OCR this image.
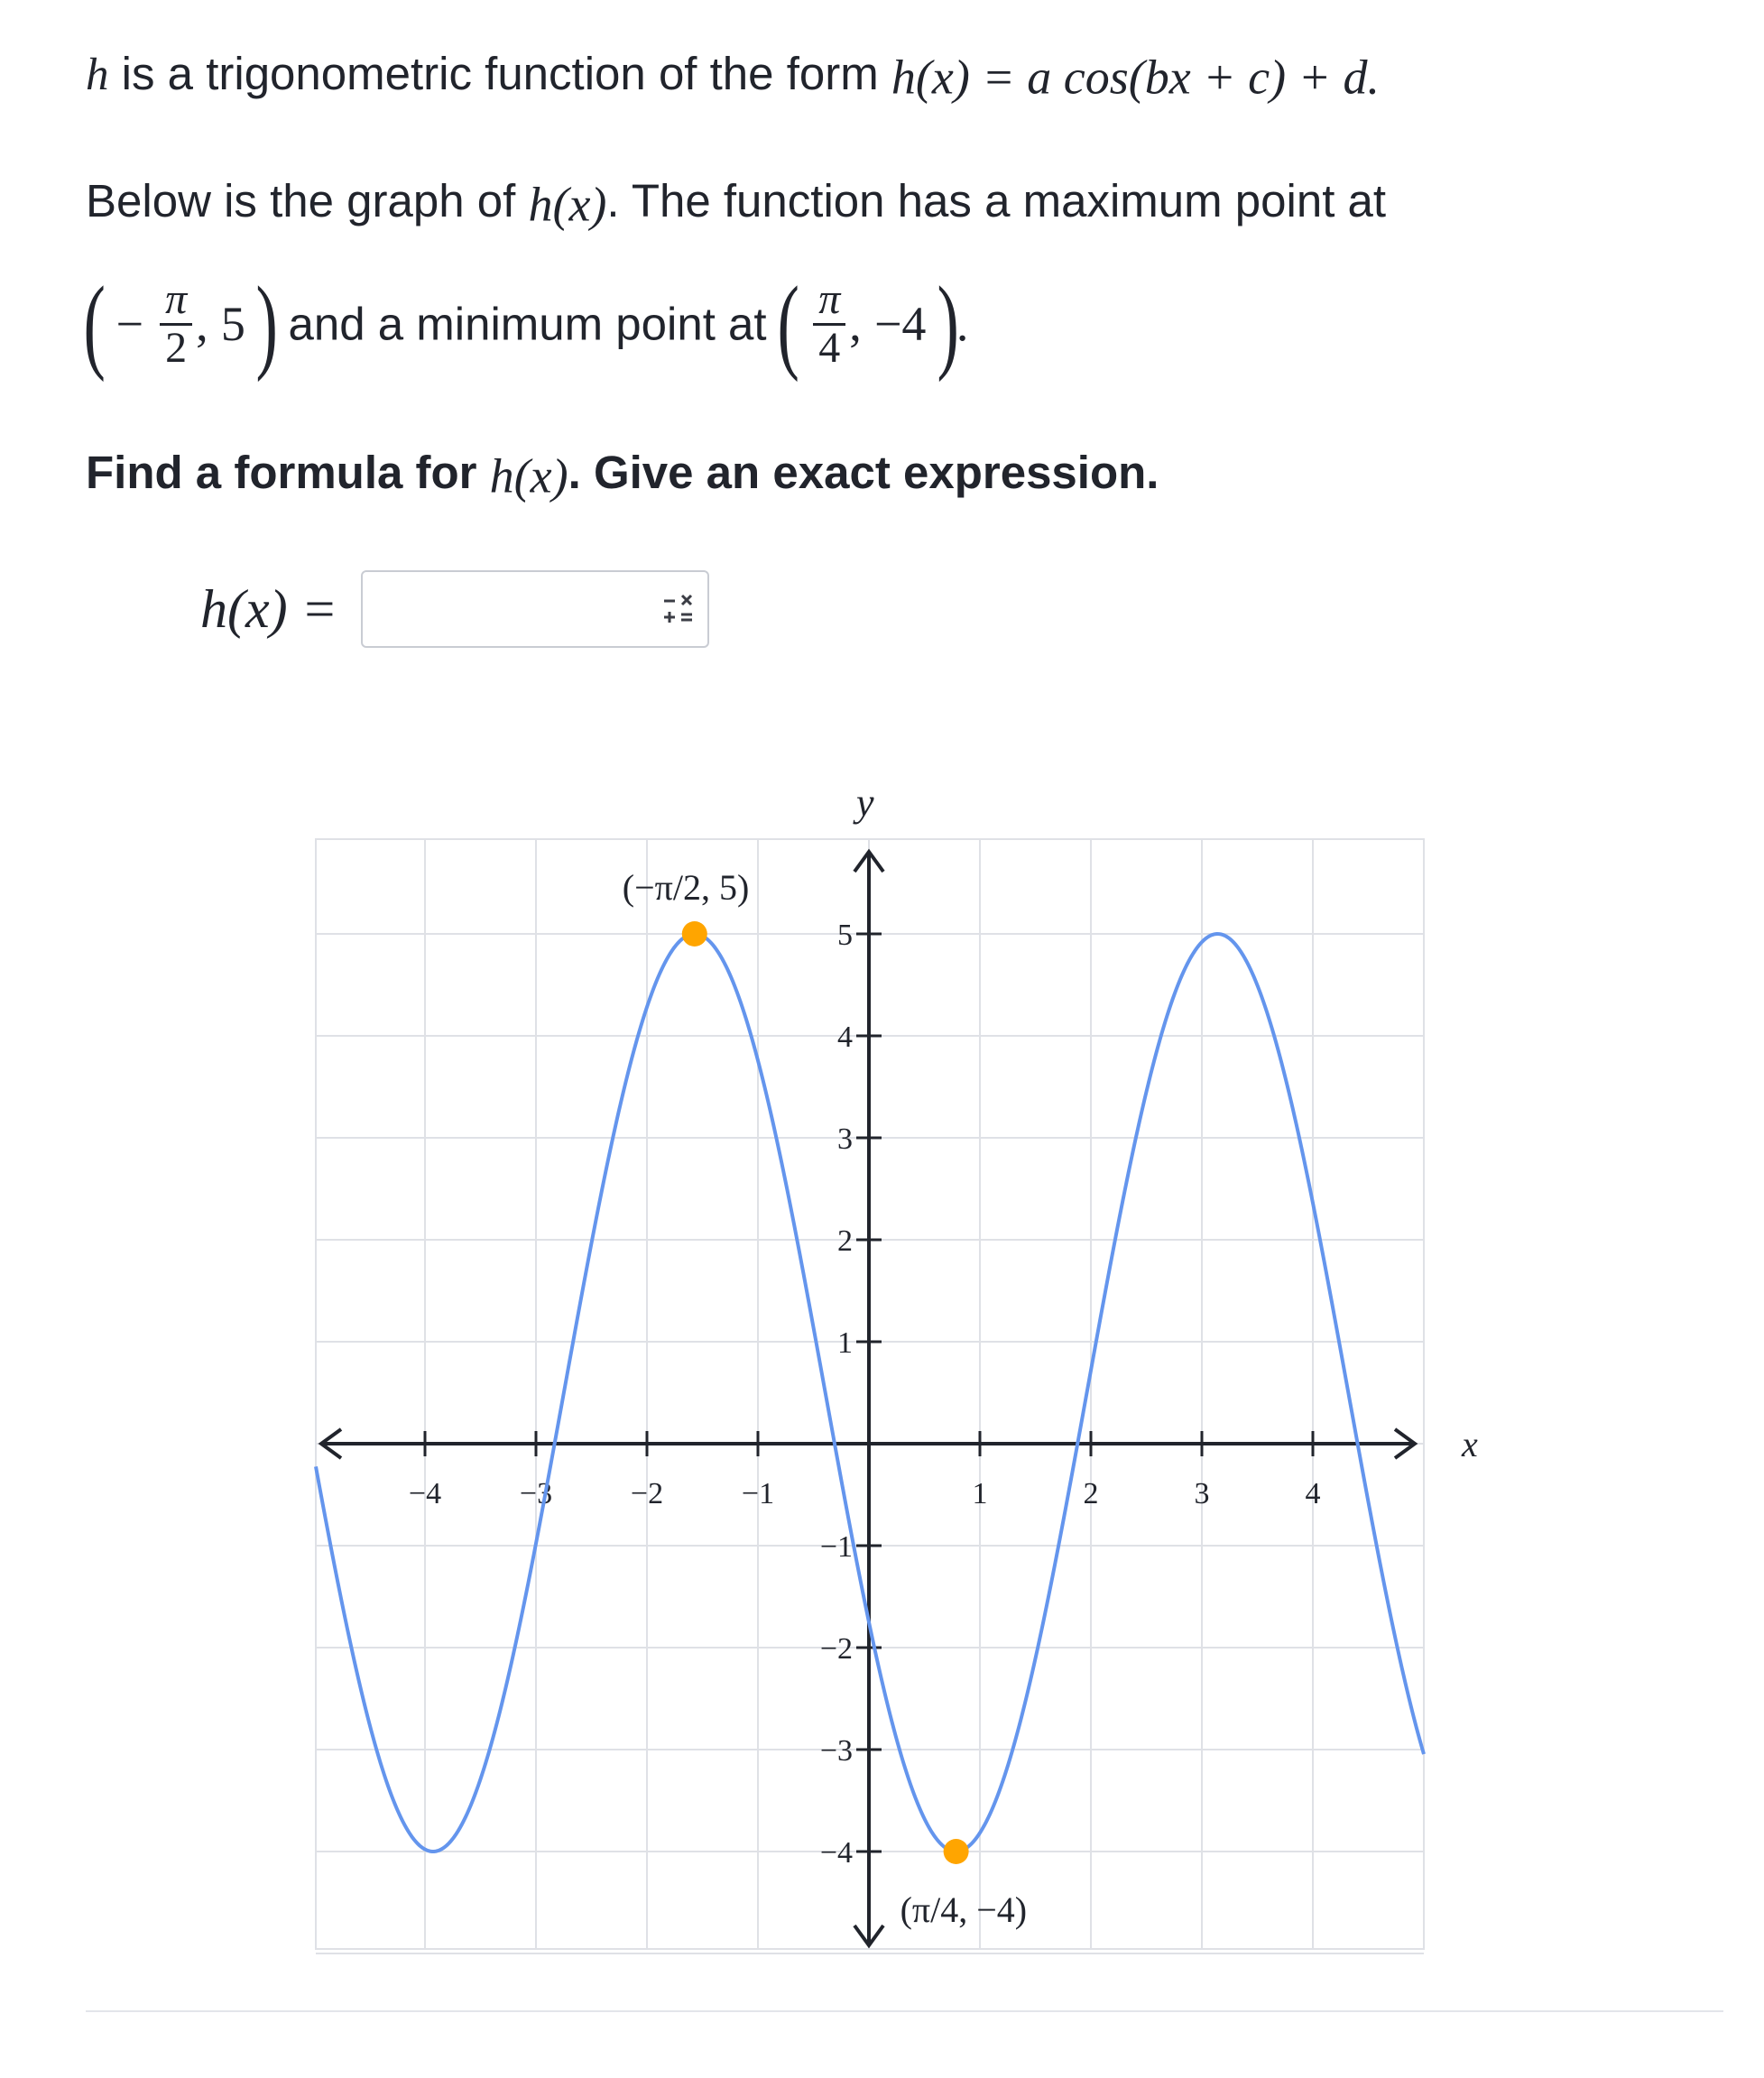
h is a trigonometric function of the form h(x) = a cos(bx + c) + d.
Below is the graph of h(x). The function has a maximum point at
( − $\frac{\pi}{2}$ , 5 ) and a minimum point at ( $\frac{\pi}{4}$ , −4 ).
Find a formula for h(x). Give an exact expression.
h(x) =
x
y
−4	−3	−2	−1	1	2	3	4
−4
−3
−2
−1
1
2
3
4
5
(−π/2, 5)
(π/4, −4)
